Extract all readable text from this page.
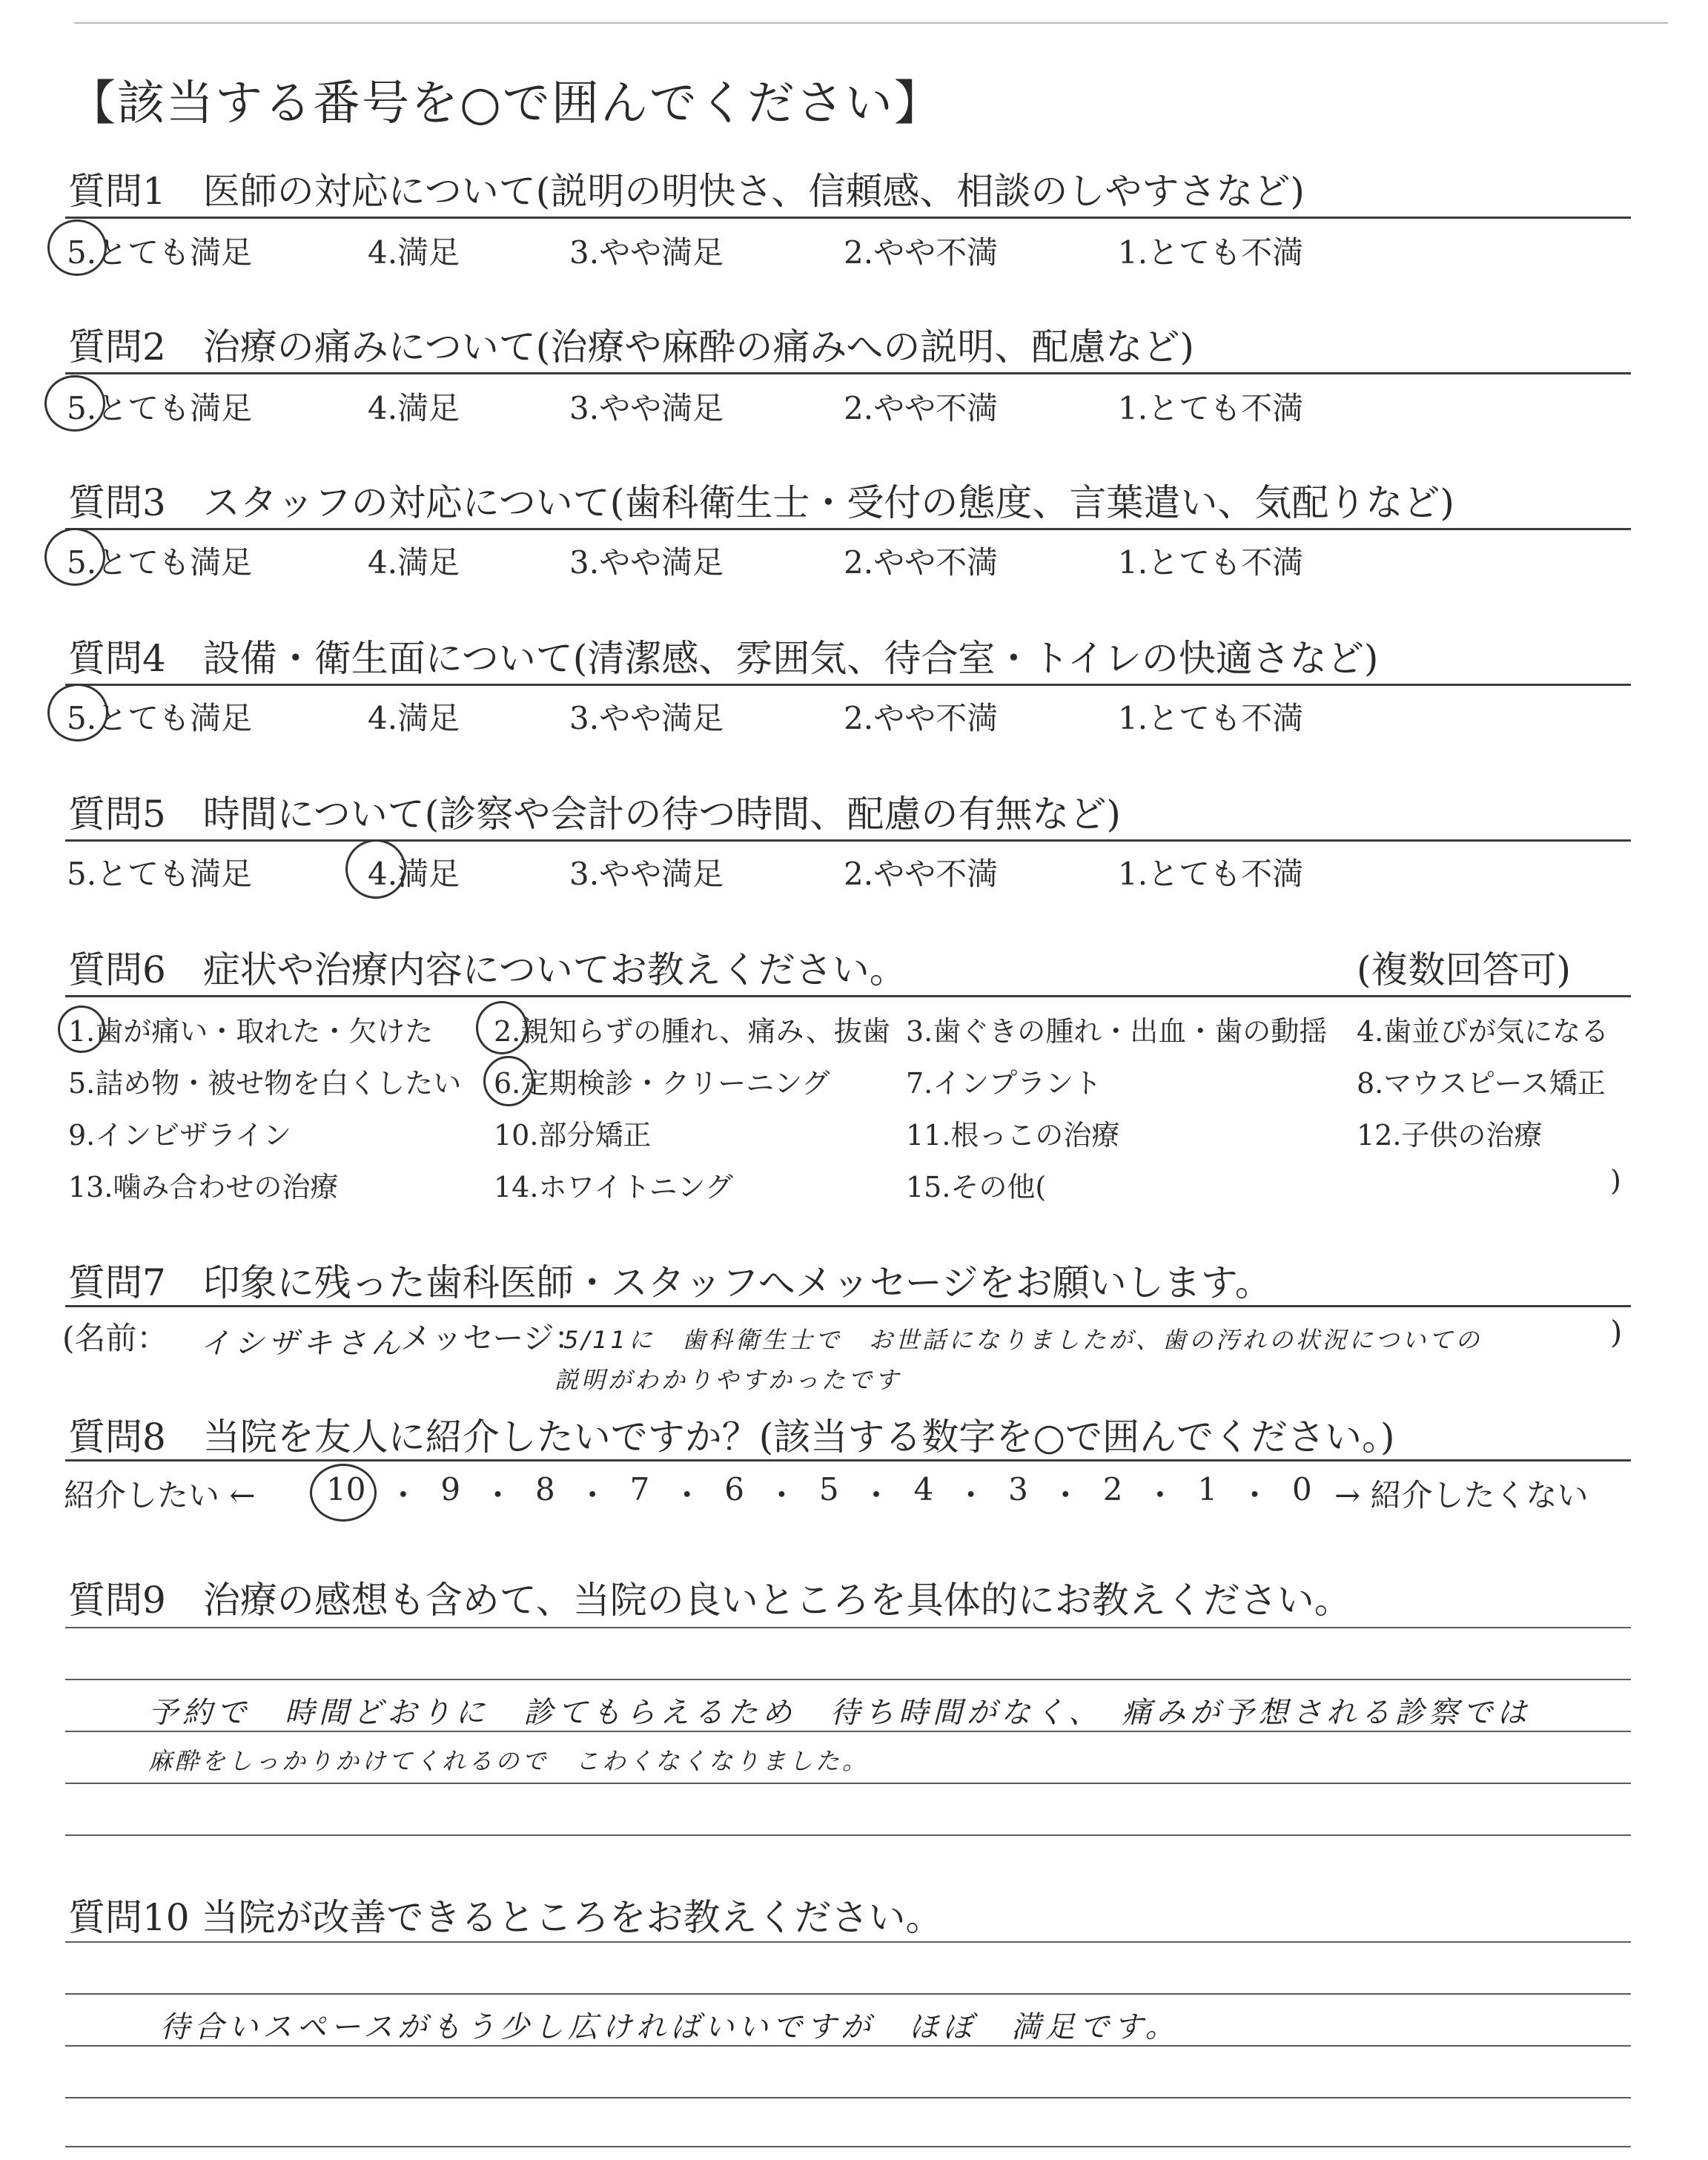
【該当する番号を○で囲んでください】
質問1　医師の対応について(説明の明快さ、信頼感、相談のしやすさなど)
5.とても満足	4.満足	3.やや満足	2.やや不満	1.とても不満
質問2　治療の痛みについて(治療や麻酔の痛みへの説明、配慮など)
5.とても満足	4.満足	3.やや満足	2.やや不満	1.とても不満
質問3　スタッフの対応について(歯科衛生士・受付の態度、言葉遣い、気配りなど)
5.とても満足	4.満足	3.やや満足	2.やや不満	1.とても不満
質問4　設備・衛生面について(清潔感、雰囲気、待合室・トイレの快適さなど)
5.とても満足	4.満足	3.やや満足	2.やや不満	1.とても不満
質問5　時間について(診察や会計の待つ時間、配慮の有無など)
5.とても満足	4.満足	3.やや満足	2.やや不満	1.とても不満
質問6　症状や治療内容についてお教えください。	(複数回答可)
1.歯が痛い・取れた・欠けた 2.親知らずの腫れ、痛み、抜歯 3.歯ぐきの腫れ・出血・歯の動揺 4.歯並びが気になる
5.詰め物・被せ物を白くしたい 6.定期検診・クリーニング	7.インプラント	8.マウスピース矯正
9.インビザライン	10.部分矯正	11.根っこの治療	12.子供の治療
13.噛み合わせの治療	14.ホワイトニング	15.その他(	)
質問7　印象に残った歯科医師・スタッフへメッセージをお願いします。
(名前： イシザキさん
メッセージ：
5/11に　歯科衛生士で　お世話になりましたが、歯の汚れの状況についての
説明がわかりやすかったです
)
質問8　当院を友人に紹介したいですか？(該当する数字を○で囲んでください。)
紹介したい ← 10 ・ 9 ・ 8 ・ 7 ・ 6 ・ 5 ・ 4 ・ 3 ・ 2 ・ 1 ・ 0 → 紹介したくない
質問9　治療の感想も含めて、当院の良いところを具体的にお教えください。
予約で　時間どおりに　診てもらえるため　待ち時間がなく、　痛みが予想される診察では
麻酔をしっかりかけてくれるので　こわくなくなりました。
質問10 当院が改善できるところをお教えください。
待合いスペースがもう少し広ければいいですが　ほぼ　満足です。
